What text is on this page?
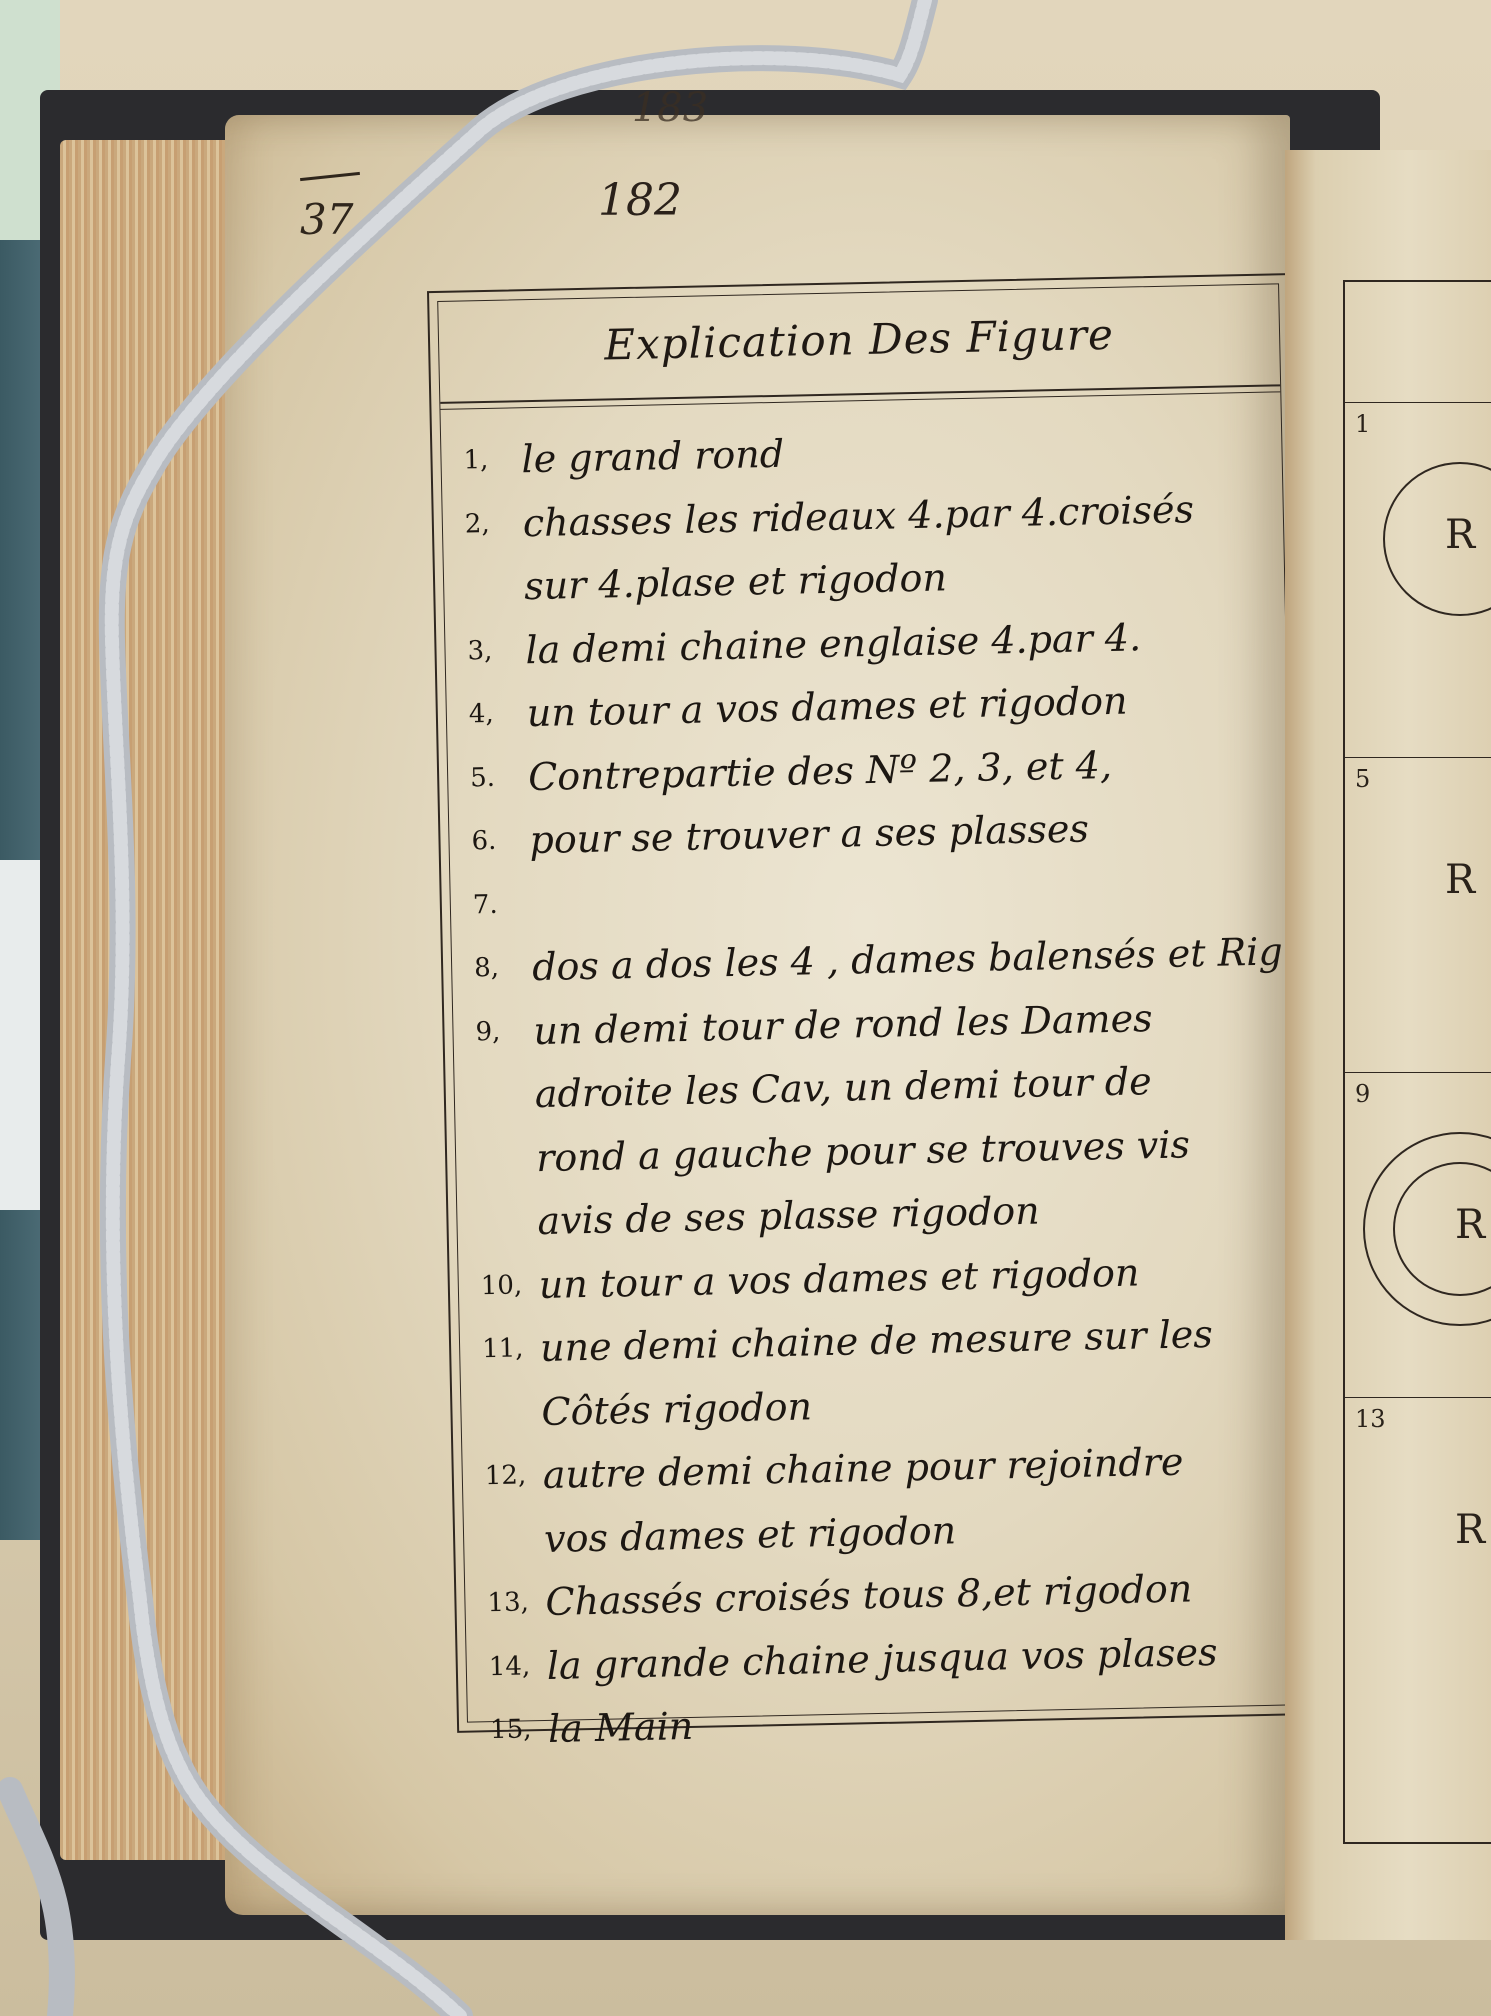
37
183
182
Explication Des Figure
1, le grand rond
2, chasses les rideaux 4.par 4.croisés
sur 4.plase et rigodon
3, la demi chaine englaise 4.par 4.
4, un tour a vos dames et rigodon
5. Contrepartie des Nº 2, 3, et 4,
6. pour se trouver a ses plasses
7.
8, dos a dos les 4 , dames balensés et Rig
9, un demi tour de rond les Dames
adroite les Cav, un demi tour de
rond a gauche pour se trouves vis
avis de ses plasse rigodon
10, un tour a vos dames et rigodon
11, une demi chaine de mesure sur les
Côtés rigodon
12, autre demi chaine pour rejoindre
vos dames et rigodon
13, Chassés croisés tous 8,et rigodon
14, la grande chaine jusqua vos plases
15, la Main
1
R
5
R
9
R
13
R
